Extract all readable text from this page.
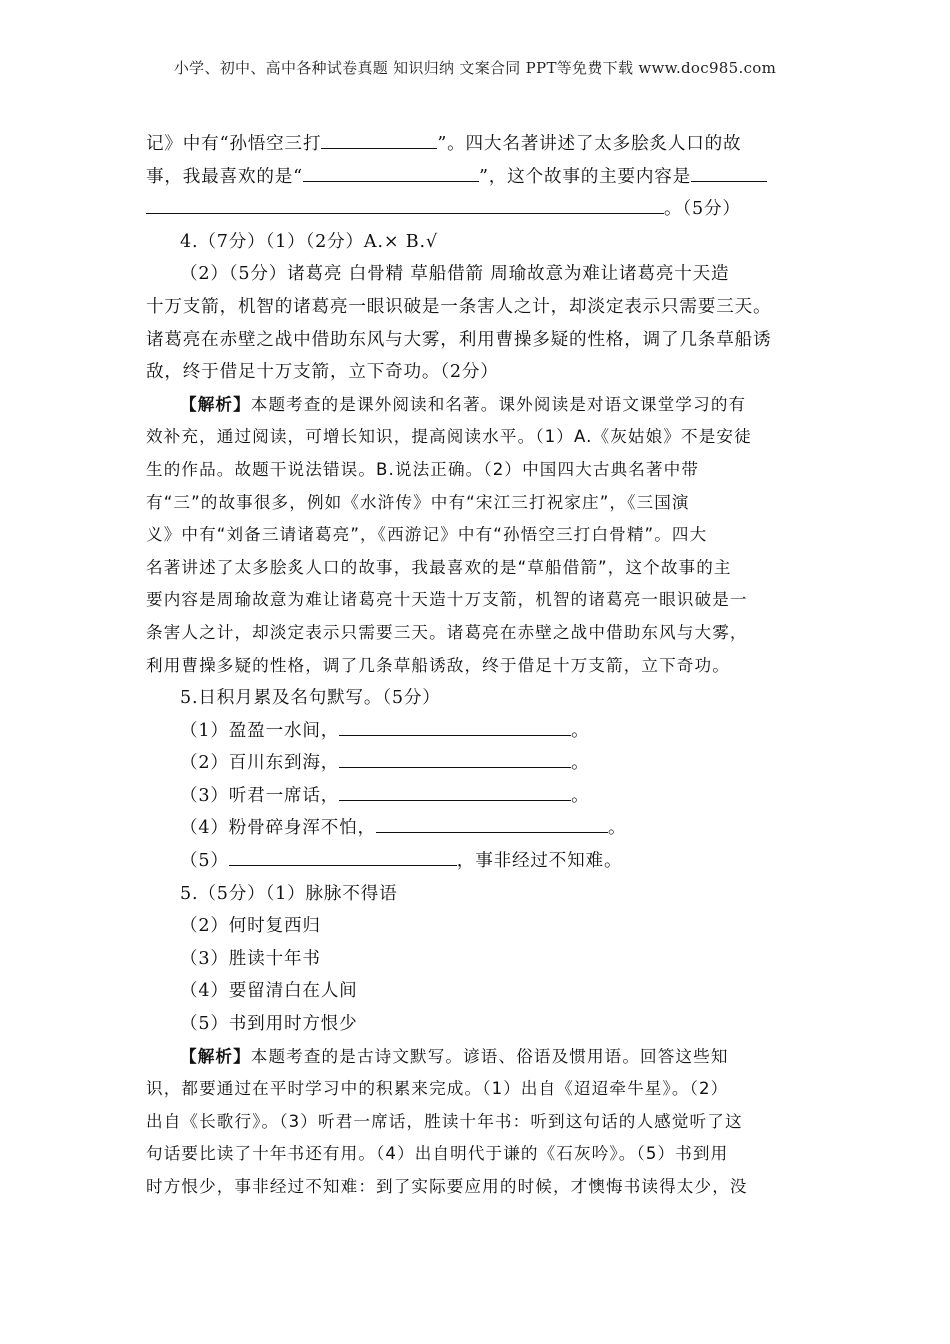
小学、初中、高中各种试卷真题 知识归纳 文案合同 PPT等免费下载 www.doc985.com
记》中有“孙悟空三打	”。四大名著讲述了太多脍炙人口的故
事，我最喜欢的是“	”，这个故事的主要内容是
。（5分）
4.（7分）（1）（2分）A.× B.√
（2）（5分）诸葛亮 白骨精 草船借箭 周瑜故意为难让诸葛亮十天造
十万支箭，机智的诸葛亮一眼识破是一条害人之计，却淡定表示只需要三天。
诸葛亮在赤壁之战中借助东风与大雾，利用曹操多疑的性格，调了几条草船诱
敌，终于借足十万支箭，立下奇功。（2分）
【解析】本题考查的是课外阅读和名著。课外阅读是对语文课堂学习的有
效补充，通过阅读，可增长知识，提高阅读水平。（1）A.《灰姑娘》不是安徒
生的作品。故题干说法错误。B.说法正确。（2）中国四大古典名著中带
有“三”的故事很多，例如《水浒传》中有“宋江三打祝家庄”，《三国演
义》中有“刘备三请诸葛亮”，《西游记》中有“孙悟空三打白骨精”。四大
名著讲述了太多脍炙人口的故事，我最喜欢的是“草船借箭”，这个故事的主
要内容是周瑜故意为难让诸葛亮十天造十万支箭，机智的诸葛亮一眼识破是一
条害人之计，却淡定表示只需要三天。诸葛亮在赤壁之战中借助东风与大雾，
利用曹操多疑的性格，调了几条草船诱敌，终于借足十万支箭，立下奇功。
5.日积月累及名句默写。（5分）
（1）盈盈一水间，	。
（2）百川东到海，	。
（3）听君一席话，	。
（4）粉骨碎身浑不怕，	。
（5）	，事非经过不知难。
5.（5分）（1）脉脉不得语
（2）何时复西归
（3）胜读十年书
（4）要留清白在人间
（5）书到用时方恨少
【解析】本题考查的是古诗文默写。谚语、俗语及惯用语。回答这些知
识，都要通过在平时学习中的积累来完成。（1）出自《迢迢牵牛星》。（2）
出自《长歌行》。（3）听君一席话，胜读十年书：听到这句话的人感觉听了这
句话要比读了十年书还有用。（4）出自明代于谦的《石灰吟》。（5）书到用
时方恨少，事非经过不知难：到了实际要应用的时候，才懊悔书读得太少，没
